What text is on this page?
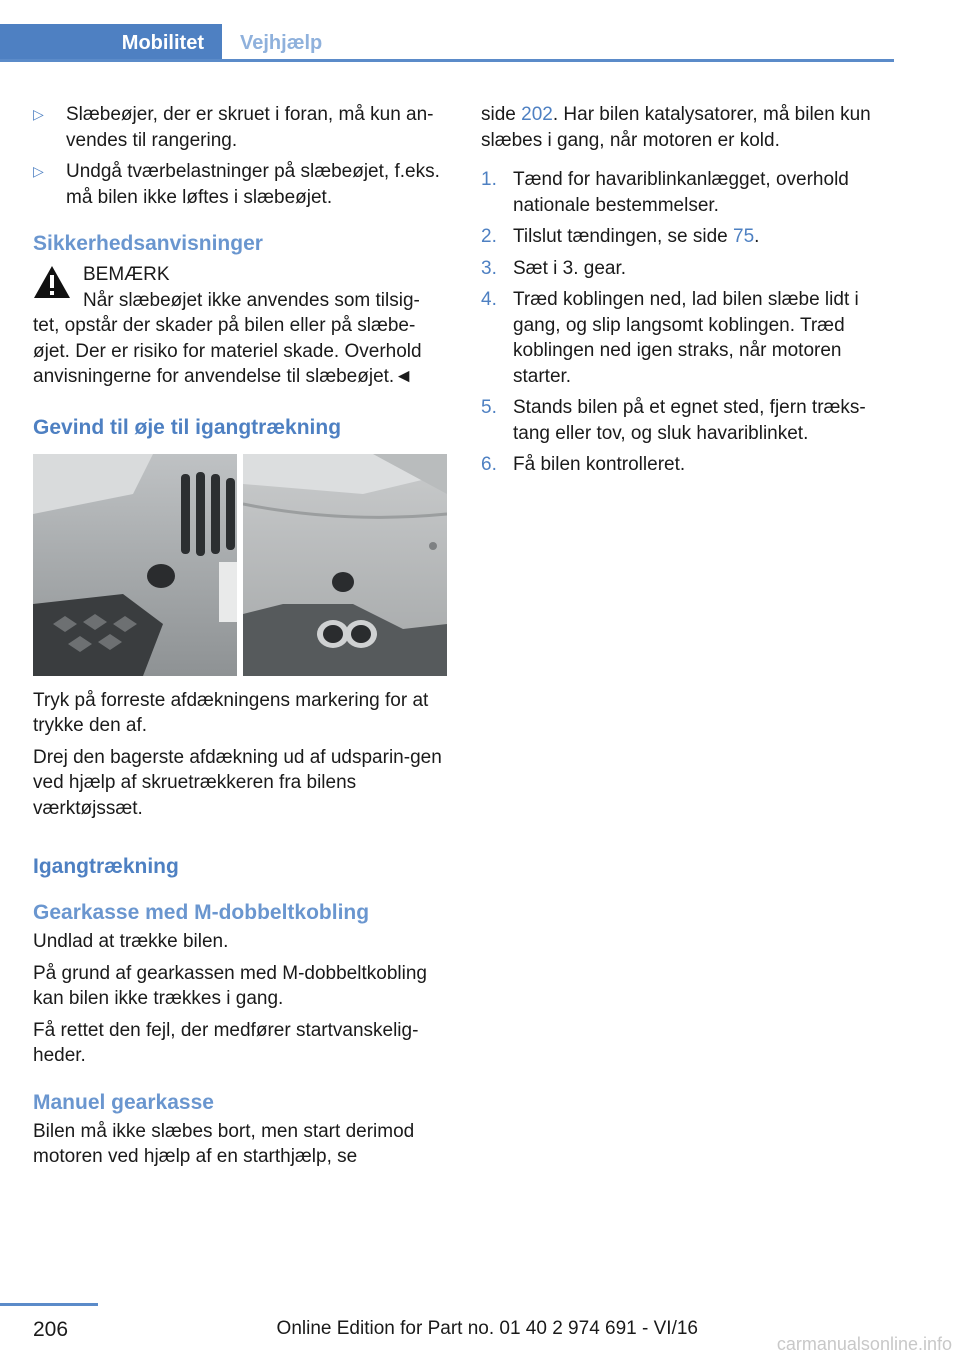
Mobilitet	Vejhjælp
▷	Slæbeøjer, der er skruet i foran, må kun an-vendes til rangering.
▷	Undgå tværbelastninger på slæbeøjet, f.eks. må bilen ikke løftes i slæbeøjet.
Sikkerhedsanvisninger

BEMÆRK

Når slæbeøjet ikke anvendes som tilsig-

tet, opstår der skader på bilen eller på slæbe-øjet. Der er risiko for materiel skade. Overhold anvisningerne for anvendelse til slæbeøjet.◄

Gevind til øje til igangtrækning

Tryk på forreste afdækningens markering for at trykke den af.

Drej den bagerste afdækning ud af udsparin-gen ved hjælp af skruetrækkeren fra bilens værktøjssæt.

Igangtrækning
Gearkasse med M-dobbeltkobling

Undlad at trække bilen.

På grund af gearkassen med M-dobbeltkobling kan bilen ikke trækkes i gang.

Få rettet den fejl, der medfører startvanskelig-heder.

Manuel gearkasse

Bilen må ikke slæbes bort, men start derimod motoren ved hjælp af en starthjælp, se

side 202. Har bilen katalysatorer, må bilen kun slæbes i gang, når motoren er kold.

1. Tænd for havariblinkanlægget, overhold nationale bestemmelser.
2. Tilslut tændingen, se side 75.
3. Sæt i 3. gear.
4. Træd koblingen ned, lad bilen slæbe lidt i gang, og slip langsomt koblingen. Træd koblingen ned igen straks, når motoren starter.
5. Stands bilen på et egnet sted, fjern træks-tang eller tov, og sluk havariblinket.
6. Få bilen kontrolleret.
206	Online Edition for Part no. 01 40 2 974 691 - VI/16
carmanualsonline.info
